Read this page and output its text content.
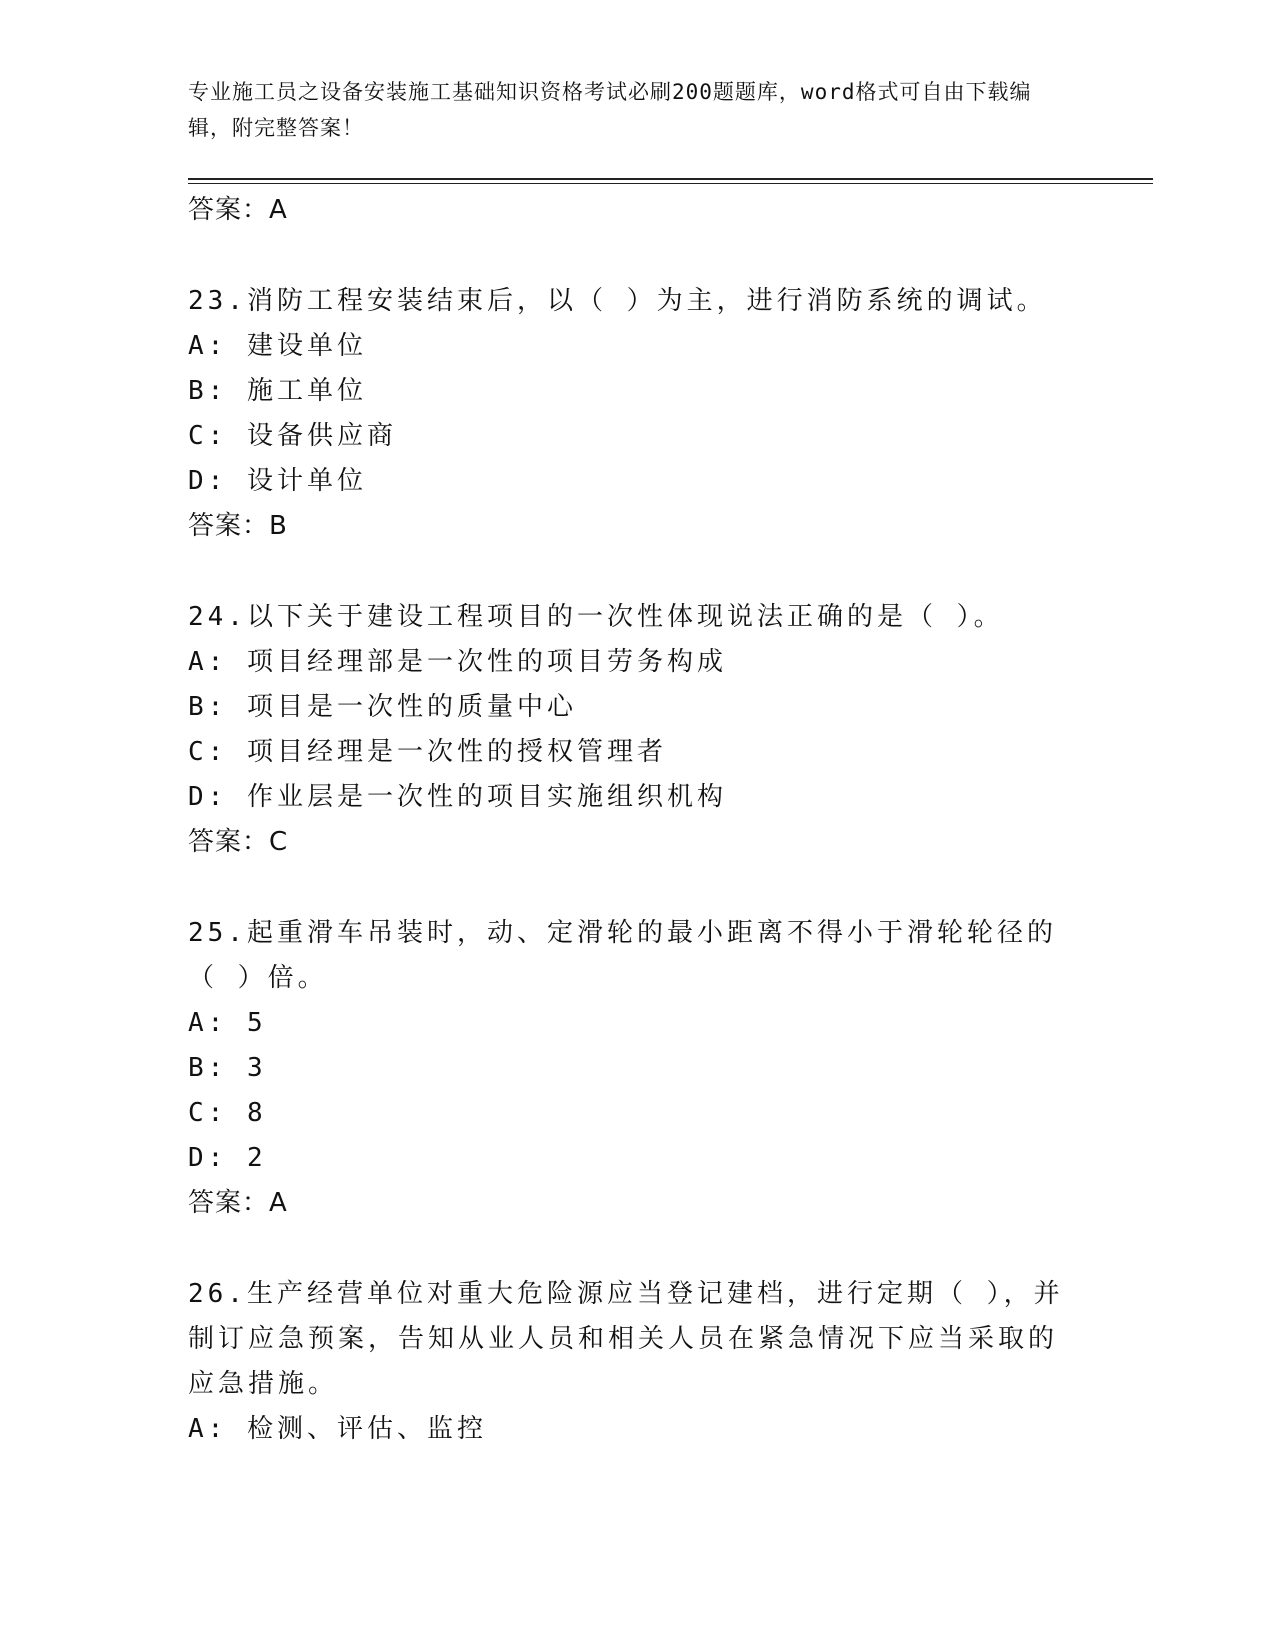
专业施工员之设备安装施工基础知识资格考试必刷200题题库，word格式可自由下载编辑，附完整答案！
答案：A
23.消防工程安装结束后，以（ ）为主，进行消防系统的调试。
A: 建设单位
B: 施工单位
C: 设备供应商
D: 设计单位
答案：B
24.以下关于建设工程项目的一次性体现说法正确的是（ ）。
A: 项目经理部是一次性的项目劳务构成
B: 项目是一次性的质量中心
C: 项目经理是一次性的授权管理者
D: 作业层是一次性的项目实施组织机构
答案：C
25.起重滑车吊装时，动、定滑轮的最小距离不得小于滑轮轮径的（ ）倍。
A: 5
B: 3
C: 8
D: 2
答案：A
26.生产经营单位对重大危险源应当登记建档，进行定期（ ），并制订应急预案，告知从业人员和相关人员在紧急情况下应当采取的应急措施。
A: 检测、评估、监控
